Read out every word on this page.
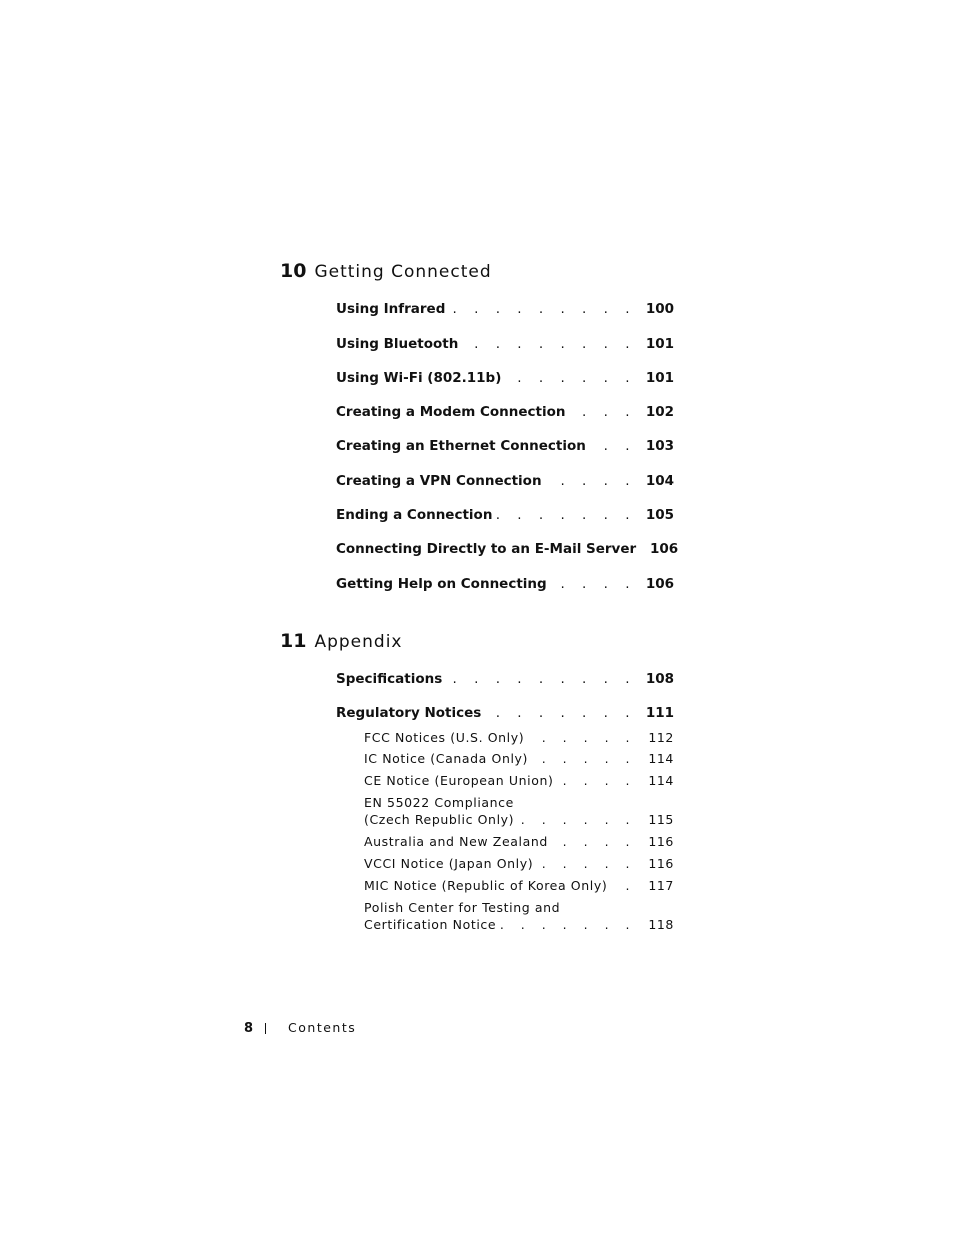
10 Getting Connected
Using Infrared . . .	100
Using Bluetooth . . .	101
Using Wi-Fi (802.11b) . . .	101
Creating a Modem Connection . . .	102
Creating an Ethernet Connection . . .	103
Creating a VPN Connection . . .	104
Ending a Connection . . .	105
Connecting Directly to an E-Mail Server	106
Getting Help on Connecting . . .	106
11 Appendix
Specifications . . .	108
Regulatory Notices . . .	111
FCC Notices (U.S. Only) . . .	112
IC Notice (Canada Only) . . .	114
CE Notice (European Union) . . .	114
EN 55022 Compliance
(Czech Republic Only) . . .	115
Australia and New Zealand . . .	116
VCCI Notice (Japan Only) . . .	116
MIC Notice (Republic of Korea Only) . . .	117
Polish Center for Testing and
Certification Notice . . .	118
8	Contents
